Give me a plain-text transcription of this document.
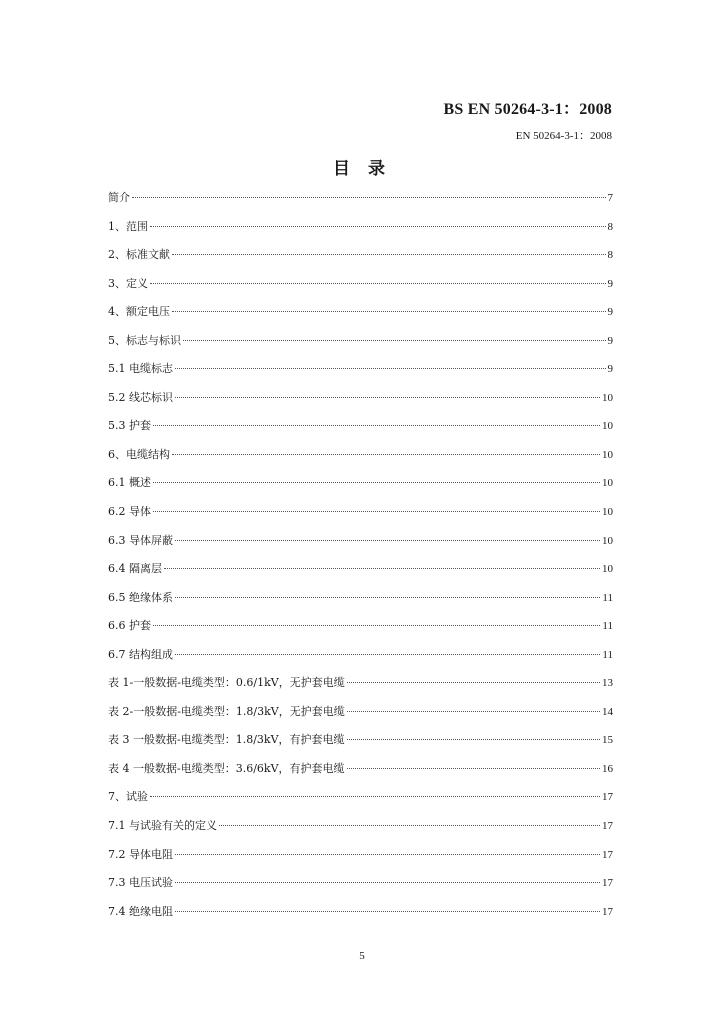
BS EN 50264-3-1：2008
EN 50264-3-1：2008
目 录
简介	7
1、范围	8
2、标准文献	8
3、定义	9
4、额定电压	9
5、标志与标识	9
5.1 电缆标志	9
5.2 线芯标识	10
5.3 护套	10
6、电缆结构	10
6.1 概述	10
6.2 导体	10
6.3 导体屏蔽	10
6.4 隔离层	10
6.5 绝缘体系	11
6.6 护套	11
6.7 结构组成	11
表 1-一般数据-电缆类型：0.6/1kV，无护套电缆	13
表 2-一般数据-电缆类型：1.8/3kV，无护套电缆	14
表 3 一般数据-电缆类型：1.8/3kV，有护套电缆	15
表 4 一般数据-电缆类型：3.6/6kV，有护套电缆	16
7、试验	17
7.1 与试验有关的定义	17
7.2 导体电阻	17
7.3 电压试验	17
7.4 绝缘电阻	17
5
